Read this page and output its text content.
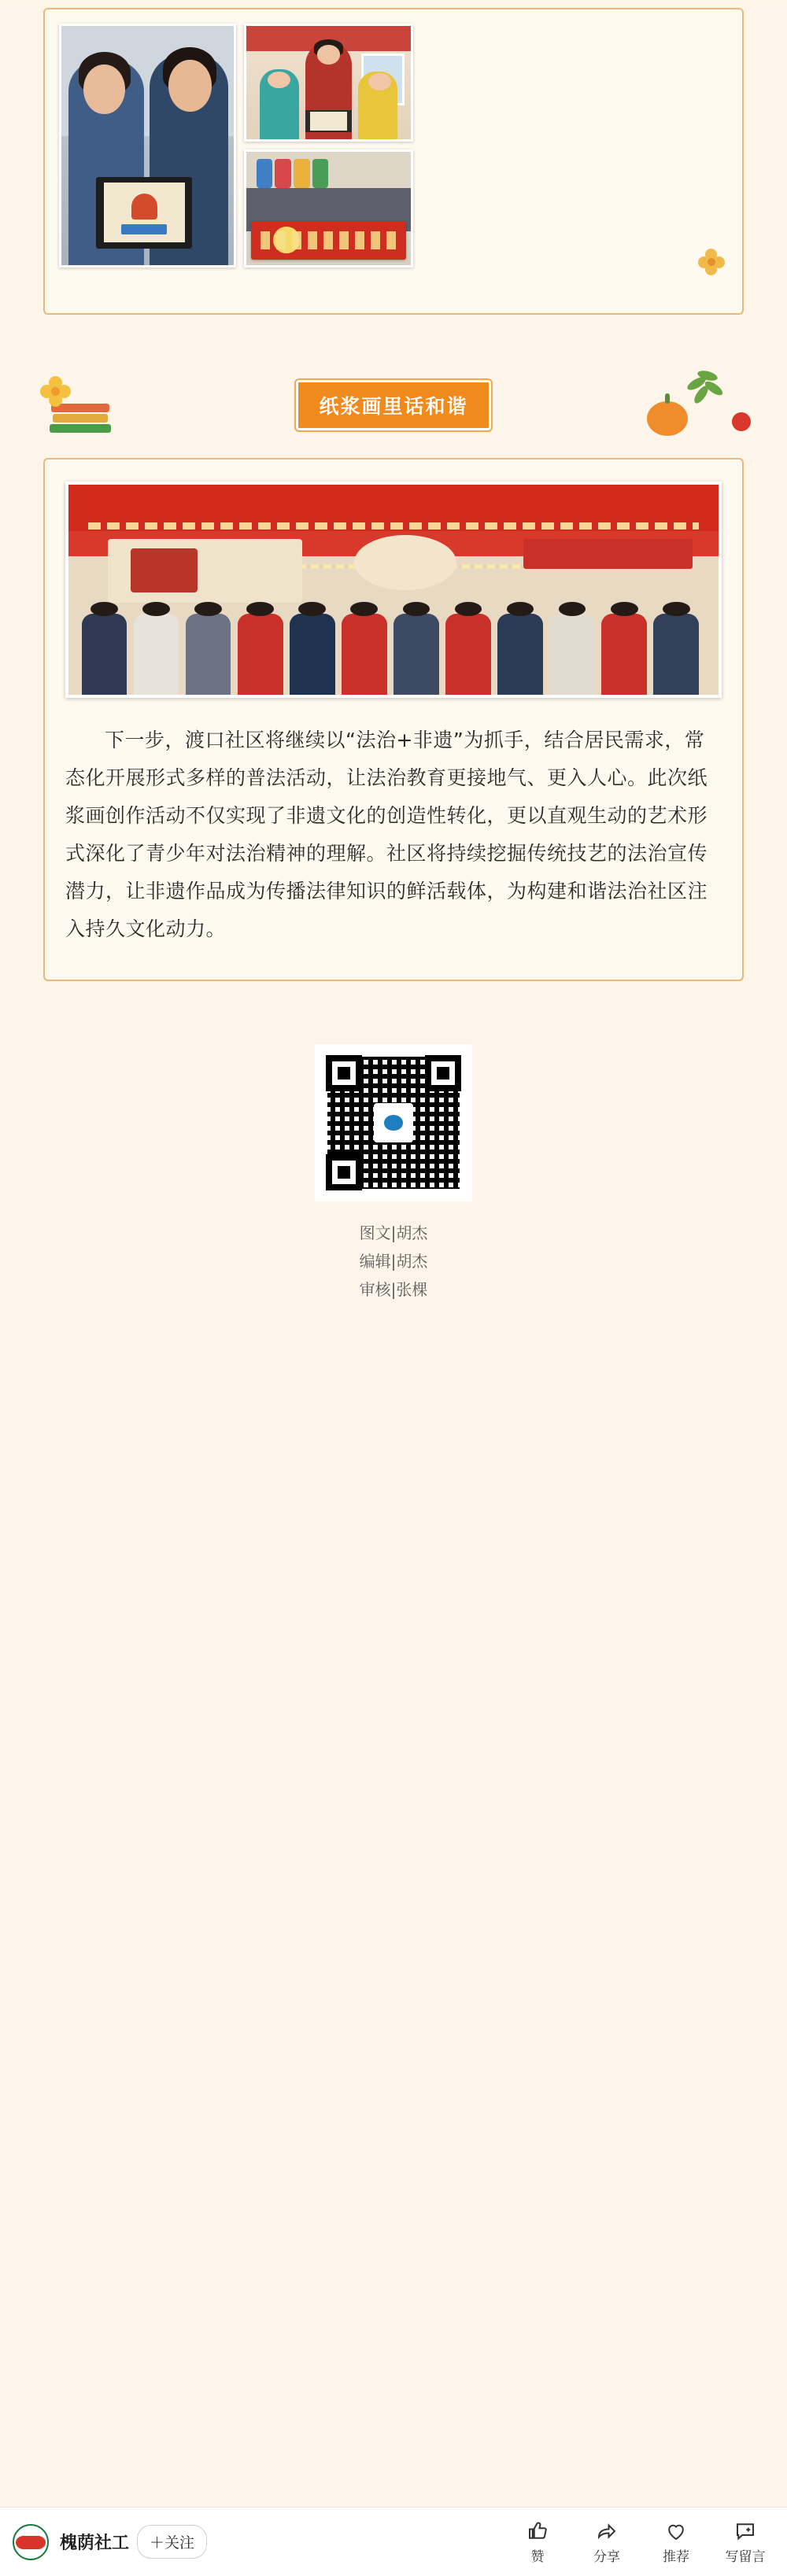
纸浆画里话和谐
下一步，渡口社区将继续以“法治+非遗”为抓手，结合居民需求，常态化开展形式多样的普法活动，让法治教育更接地气、更入人心。此次纸浆画创作活动不仅实现了非遗文化的创造性转化，更以直观生动的艺术形式深化了青少年对法治精神的理解。社区将持续挖掘传统技艺的法治宣传潜力，让非遗作品成为传播法律知识的鲜活载体，为构建和谐法治社区注入持久文化动力。
图文|胡杰
编辑|胡杰
审核|张棵
槐荫社工	＋关注
赞	分享	推荐	写留言
